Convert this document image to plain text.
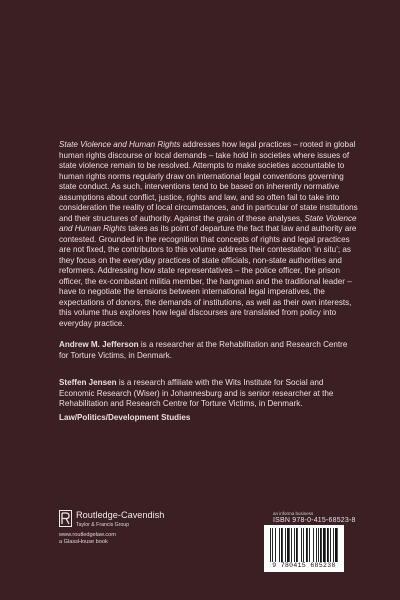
State Violence and Human Rights addresses how legal practices – rooted in global human rights discourse or local demands – take hold in societies where issues of state violence remain to be resolved. Attempts to make societies accountable to human rights norms regularly draw on international legal conventions governing state conduct. As such, interventions tend to be based on inherently normative assumptions about conflict, justice, rights and law, and so often fail to take into consideration the reality of local circumstances, and in particular of state institutions and their structures of authority. Against the grain of these analyses, State Violence and Human Rights takes as its point of departure the fact that law and authority are contested. Grounded in the recognition that concepts of rights and legal practices are not fixed, the contributors to this volume address their contestation ‘in situ’; as they focus on the everyday practices of state officials, non-state authorities and reformers. Addressing how state representatives – the police officer, the prison officer, the ex-combatant militia member, the hangman and the traditional leader – have to negotiate the tensions between international legal imperatives, the expectations of donors, the demands of institutions, as well as their own interests, this volume thus explores how legal discourses are translated from policy into everyday practice.

Andrew M. Jefferson is a researcher at the Rehabilitation and Research Centre for Torture Victims, in Denmark.

Steffen Jensen is a research affiliate with the Wits Institute for Social and Economic Research (Wiser) in Johannesburg and is senior researcher at the Rehabilitation and Research Centre for Torture Victims, in Denmark.

Law/Politics/Development Studies

Routledge-Cavendish
Taylor & Francis Group
www.routledgelaw.com
a GlassHouse book
an informa business
ISBN 978-0-415-68523-8
9 780415 685238
